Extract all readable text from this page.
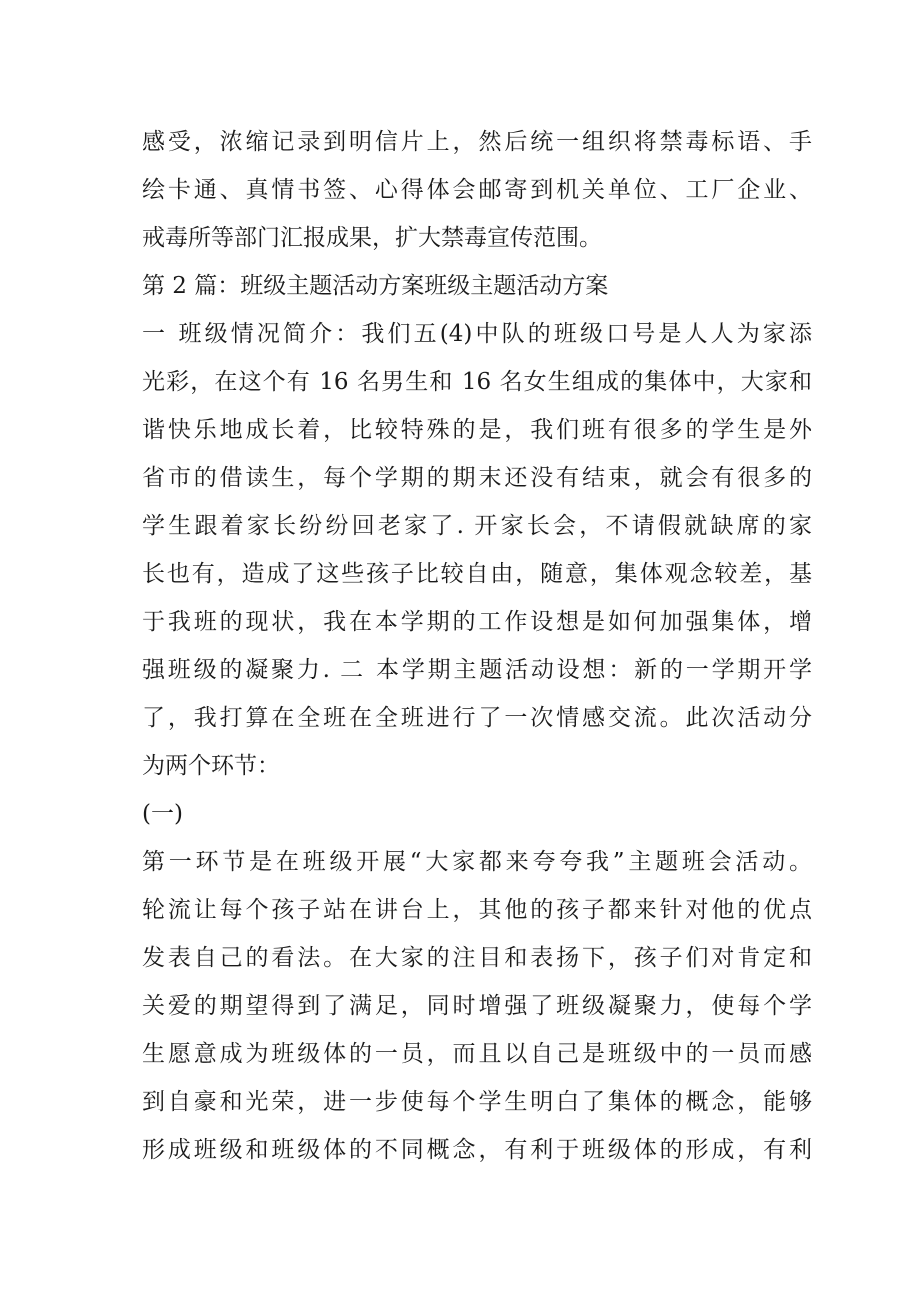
感受，浓缩记录到明信片上，然后统一组织将禁毒标语、手
绘卡通、真情书签、心得体会邮寄到机关单位、工厂企业、
戒毒所等部门汇报成果，扩大禁毒宣传范围。
第 2 篇：班级主题活动方案班级主题活动方案
一 班级情况简介：我们五(4)中队的班级口号是人人为家添
光彩，在这个有 16 名男生和 16 名女生组成的集体中，大家和
谐快乐地成长着，比较特殊的是，我们班有很多的学生是外
省市的借读生，每个学期的期末还没有结束，就会有很多的
学生跟着家长纷纷回老家了. 开家长会，不请假就缺席的家
长也有，造成了这些孩子比较自由，随意，集体观念较差，基
于我班的现状，我在本学期的工作设想是如何加强集体，增
强班级的凝聚力. 二 本学期主题活动设想：新的一学期开学
了，我打算在全班在全班进行了一次情感交流。此次活动分
为两个环节：
(一)
第一环节是在班级开展“大家都来夸夸我”主题班会活动。
轮流让每个孩子站在讲台上，其他的孩子都来针对他的优点
发表自己的看法。在大家的注目和表扬下，孩子们对肯定和
关爱的期望得到了满足，同时增强了班级凝聚力，使每个学
生愿意成为班级体的一员，而且以自己是班级中的一员而感
到自豪和光荣，进一步使每个学生明白了集体的概念，能够
形成班级和班级体的不同概念，有利于班级体的形成，有利
